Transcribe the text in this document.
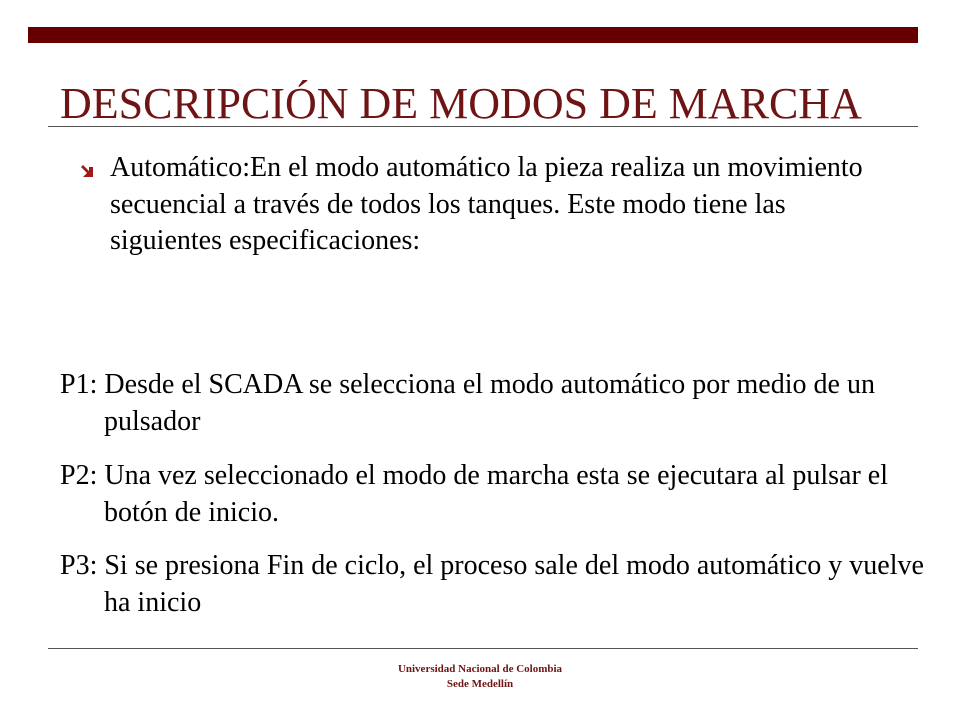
DESCRIPCIÓN DE MODOS DE MARCHA
Automático:En el modo automático la pieza realiza un movimiento secuencial a través de todos los tanques. Este modo tiene las siguientes especificaciones:
P1: Desde el SCADA se selecciona el modo automático por medio de un pulsador
P2: Una vez seleccionado el modo de marcha esta se ejecutara al pulsar el botón de inicio.
P3: Si se presiona Fin de ciclo, el proceso sale del modo automático y vuelve ha inicio
Universidad Nacional de Colombia
Sede Medellín
